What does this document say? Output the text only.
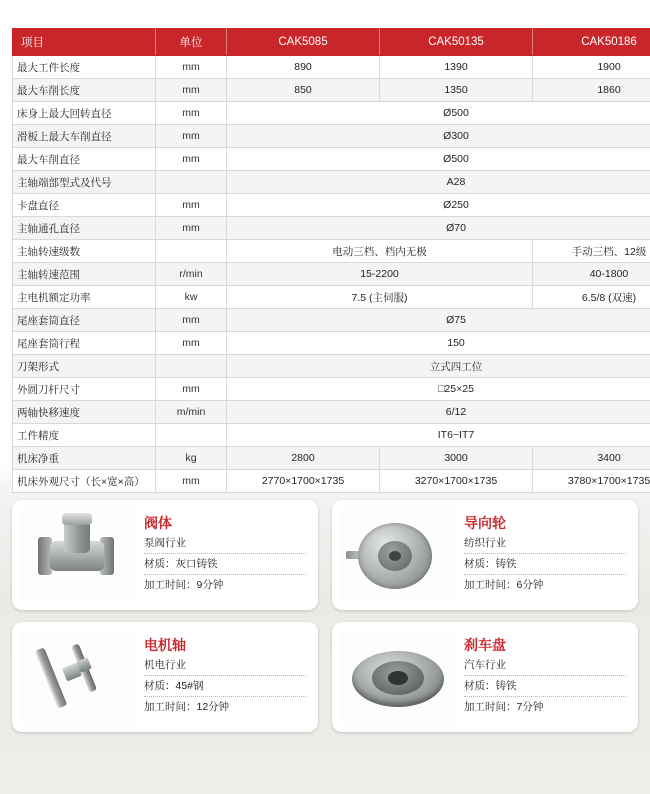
项目	单位	CAK5085	CAK50135	CAK50186
最大工件长度	mm	890	1390	1900
最大车削长度	mm	850	1350	1860
床身上最大回转直径	mm	Ø500		
滑板上最大车削直径	mm	Ø300		
最大车削直径	mm	Ø500		
主轴端部型式及代号		A28		
卡盘直径	mm	Ø250		
主轴通孔直径	mm	Ø70		
主轴转速级数		电动三档、档内无极		手动三档、12级
主轴转速范围	r/min	15-2200		40-1800
主电机额定功率	kw	7.5 (主伺服)		6.5/8 (双速)
尾座套筒直径	mm	Ø75		
尾座套筒行程	mm	150		
刀架形式		立式四工位		
外圆刀杆尺寸	mm	□25×25		
两轴快移速度	m/min	6/12		
工件精度		IT6~IT7		
机床净重	kg	2800	3000	3400
机床外观尺寸（长×宽×高）	mm	2770×1700×1735	3270×1700×1735	3780×1700×1735
阀体
泵阀行业
材质：灰口铸铁
加工时间：9分钟
导向轮
纺织行业
材质：铸铁
加工时间：6分钟
电机轴
机电行业
材质：45#钢
加工时间：12分钟
刹车盘
汽车行业
材质：铸铁
加工时间：7分钟
